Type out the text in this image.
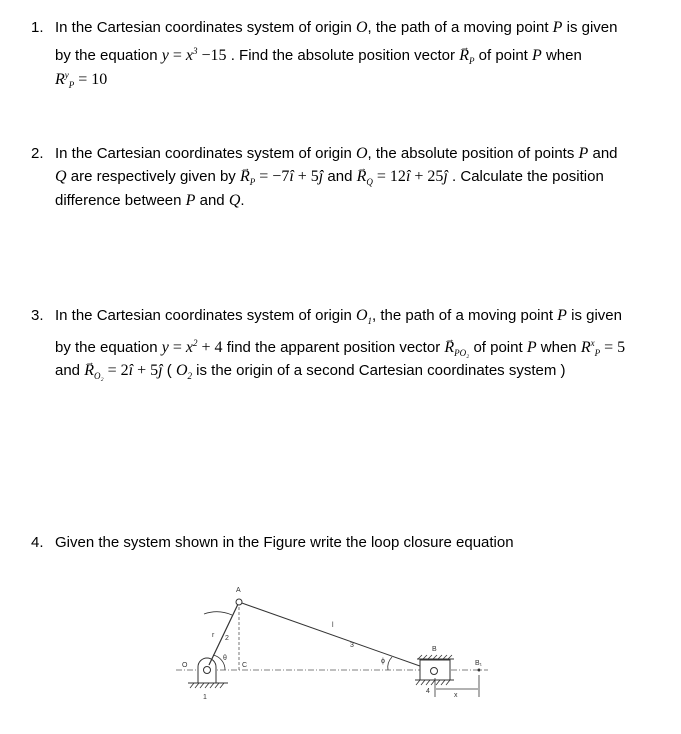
1. In the Cartesian coordinates system of origin O, the path of a moving point P is given
by the equation $y = x^3 -15$ . Find the absolute position vector → $R_P$ of point P when
$R^y_P = 10$
2. In the Cartesian coordinates system of origin O, the absolute position of points P and
Q are respectively given by → $R_P$ = −7î + 5ĵ and → $R_Q$ = 12î + 25ĵ . Calculate the position
difference between P and Q.
3. In the Cartesian coordinates system of origin $O_1$, the path of a moving point P is given
by the equation $y = x^2 + 4$ find the apparent position vector → $R_{PO_2}$ of point P when $R^x_P = 5$
and → $R_{O_2}$ = 2î + 5ĵ ( $O_2$ is the origin of a second Cartesian coordinates system )
4. Given the system shown in the Figure write the loop closure equation
A
B
B₁
C
O
r
l
2
3
1
4
θ	ϕ
x
